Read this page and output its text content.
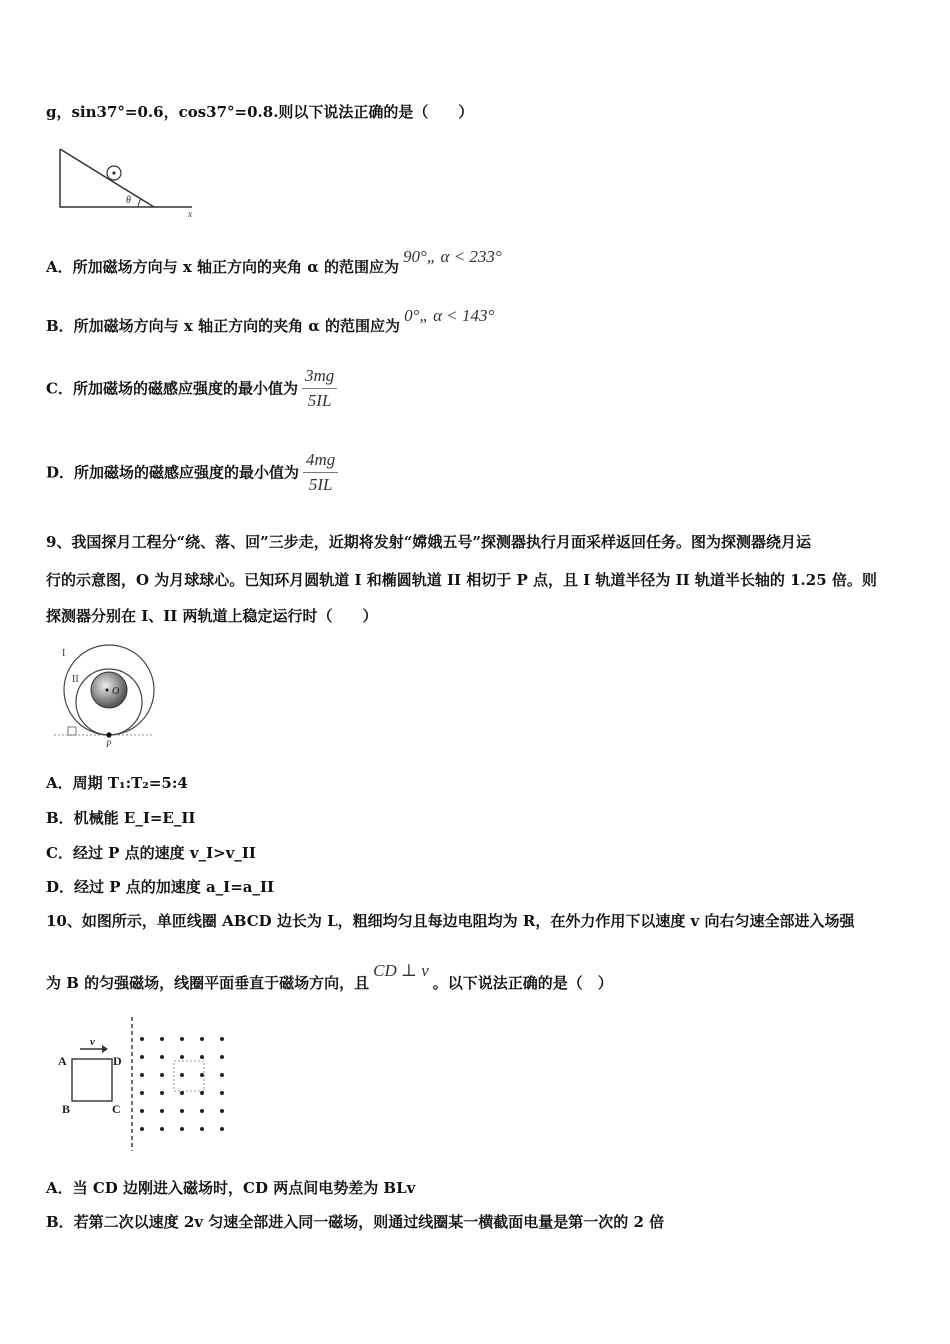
g，sin37°=0.6，cos37°=0.8.则以下说法正确的是（　　）
θ
x
A．所加磁场方向与 x 轴正方向的夹角 α 的范围应为90°„ α < 233°
B．所加磁场方向与 x 轴正方向的夹角 α 的范围应为0°„ α < 143°
C．所加磁场的磁感应强度的最小值为 $\frac{3mg}{5IL}$
D．所加磁场的磁感应强度的最小值为 $\frac{4mg}{5IL}$
9、我国探月工程分“绕、落、回”三步走，近期将发射“嫦娥五号”探测器执行月面采样返回任务。图为探测器绕月运
行的示意图，O 为月球球心。已知环月圆轨道 I 和椭圆轨道 II 相切于 P 点，且 I 轨道半径为 II 轨道半长轴的 1.25 倍。则
探测器分别在 I、II 两轨道上稳定运行时（　　）
I
II
O
P
A．周期 T₁:T₂=5:4
B．机械能 E_I=E_II
C．经过 P 点的速度 v_I>v_II
D．经过 P 点的加速度 a_I=a_II
10、如图所示，单匝线圈 ABCD 边长为 L，粗细均匀且每边电阻均为 R，在外力作用下以速度 v 向右匀速全部进入场强
为 B 的匀强磁场，线圈平面垂直于磁场方向，且CD ⊥ v。以下说法正确的是（　）
v
A	D
B	C
A．当 CD 边刚进入磁场时，CD 两点间电势差为 BLv
B．若第二次以速度 2v 匀速全部进入同一磁场，则通过线圈某一横截面电量是第一次的 2 倍
